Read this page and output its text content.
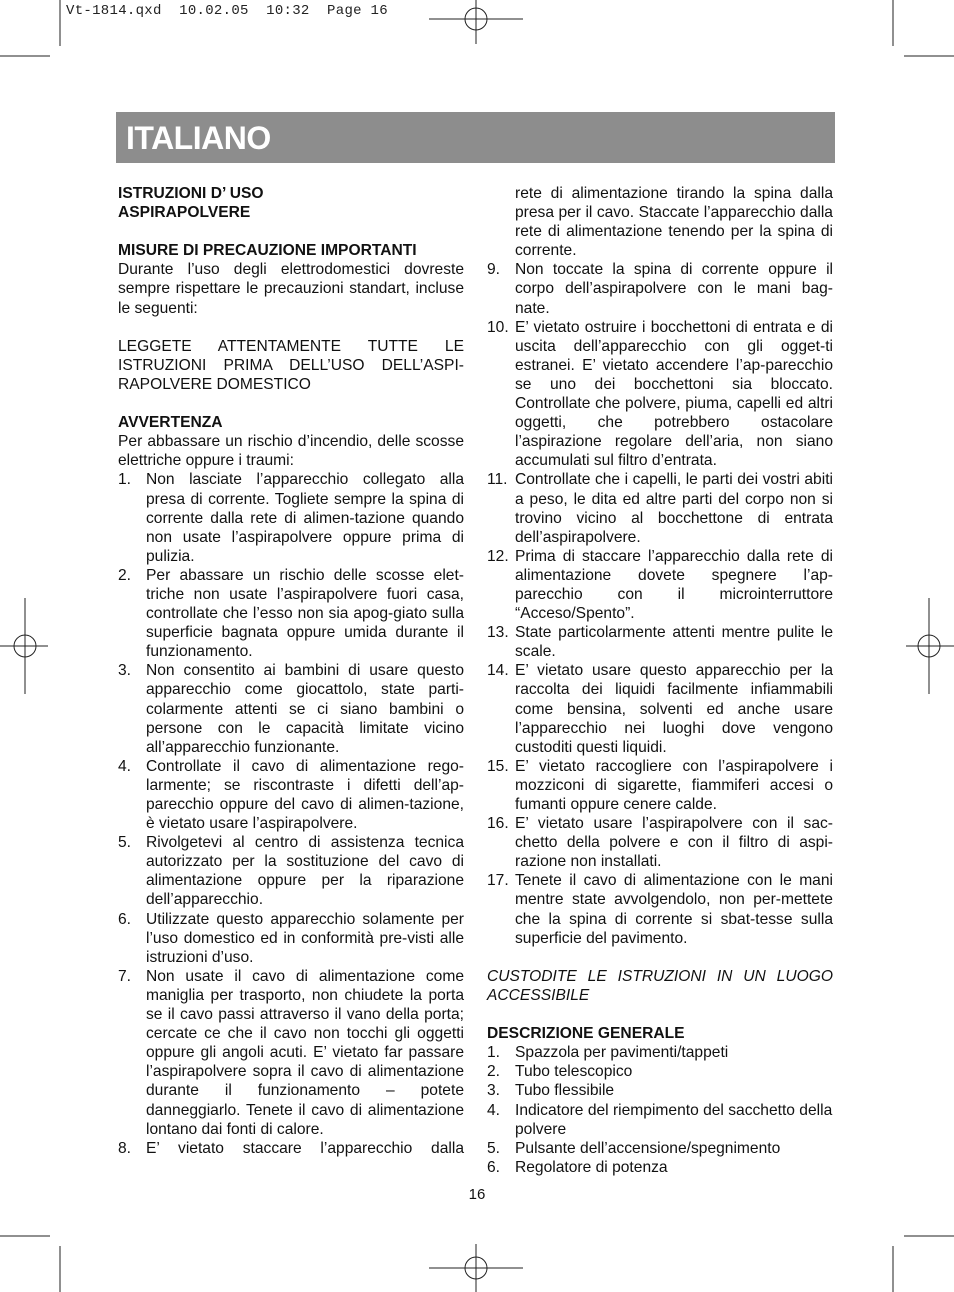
Vt-1814.qxd  10.02.05  10:32  Page 16
ITALIANO
ISTRUZIONI D’ USO
ASPIRAPOLVERE
MISURE DI PRECAUZIONE IMPORTANTI
Durante l’uso degli elettrodomestici dovreste sempre rispettare le precauzioni standart, incluse le seguenti:
LEGGETE ATTENTAMENTE TUTTE LE ISTRUZIONI PRIMA DELL’USO DELL’ASPI-RAPOLVERE DOMESTICO
AVVERTENZA
Per abbassare un rischio d’incendio, delle scosse elettriche oppure i traumi:
1. Non lasciate l’apparecchio collegato alla presa di corrente. Togliete sempre la spina di corrente dalla rete di alimen-tazione quando non usate l’aspirapolvere oppure prima di pulizia.
2. Per abassare un rischio delle scosse elet-triche non usate l’aspirapolvere fuori casa, controllate che l’esso non sia apog-giato sulla superficie bagnata oppure umida durante il funzionamento.
3. Non consentito ai bambini di usare questo apparecchio come giocattolo, state parti-colarmente attenti se ci siano bambini o persone con le capacità limitate vicino all’apparecchio funzionante.
4. Controllate il cavo di alimentazione rego-larmente; se riscontraste i difetti dell’ap-parecchio oppure del cavo di alimen-tazione, è vietato usare l’aspirapolvere.
5. Rivolgetevi al centro di assistenza tecnica autorizzato per la sostituzione del cavo di alimentazione oppure per la riparazione dell’apparecchio.
6. Utilizzate questo apparecchio solamente per l’uso domestico ed in conformità pre-visti alle istruzioni d’uso.
7. Non usate il cavo di alimentazione come maniglia per trasporto, non chiudete la porta se il cavo passi attraverso il vano della porta; cercate ce che il cavo non tocchi gli oggetti oppure gli angoli acuti. E’ vietato far passare l’aspirapolvere sopra il cavo di alimentazione durante il funzionamento – potete danneggiarlo. Tenete il cavo di alimentazione lontano dai fonti di calore.
8. E’ vietato staccare l’apparecchio dalla
rete di alimentazione tirando la spina dalla presa per il cavo. Staccate l’apparecchio dalla rete di alimentazione tenendo per la spina di corrente.
9. Non toccate la spina di corrente oppure il corpo dell’aspirapolvere con le mani bag-nate.
10. E’ vietato ostruire i bocchettoni di entrata e di uscita dell’apparecchio con gli ogget-ti estranei. E’ vietato accendere l’ap-parecchio se uno dei bocchettoni sia bloccato. Controllate che polvere, piuma, capelli ed altri oggetti, che potrebbero ostacolare l’aspirazione regolare dell’aria, non siano accumulati sul filtro d’entrata.
11. Controllate che i capelli, le parti dei vostri abiti a peso, le dita ed altre parti del corpo non si trovino vicino al bocchettone di entrata dell’aspirapolvere.
12. Prima di staccare l’apparecchio dalla rete di alimentazione dovete spegnere l’ap-parecchio con il microinterruttore “Acceso/Spento”.
13. State particolarmente attenti mentre pulite le scale.
14. E’ vietato usare questo apparecchio per la raccolta dei liquidi facilmente infiammabili come bensina, solventi ed anche usare l’apparecchio nei luoghi dove vengono custoditi questi liquidi.
15. E’ vietato raccogliere con l’aspirapolvere i mozziconi di sigarette, fiammiferi accesi o fumanti oppure cenere calde.
16. E’ vietato usare l’aspirapolvere con il sac-chetto della polvere e con il filtro di aspi-razione non installati.
17. Tenete il cavo di alimentazione con le mani mentre state avvolgendolo, non per-mettete che la spina di corrente si sbat-tesse sulla superficie del pavimento.
CUSTODITE LE ISTRUZIONI IN UN LUOGO ACCESSIBILE
DESCRIZIONE GENERALE
1. Spazzola per pavimenti/tappeti
2. Tubo telescopico
3. Tubo flessibile
4. Indicatore del riempimento del sacchetto della polvere
5. Pulsante dell’accensione/spegnimento
6. Regolatore di potenza
16
